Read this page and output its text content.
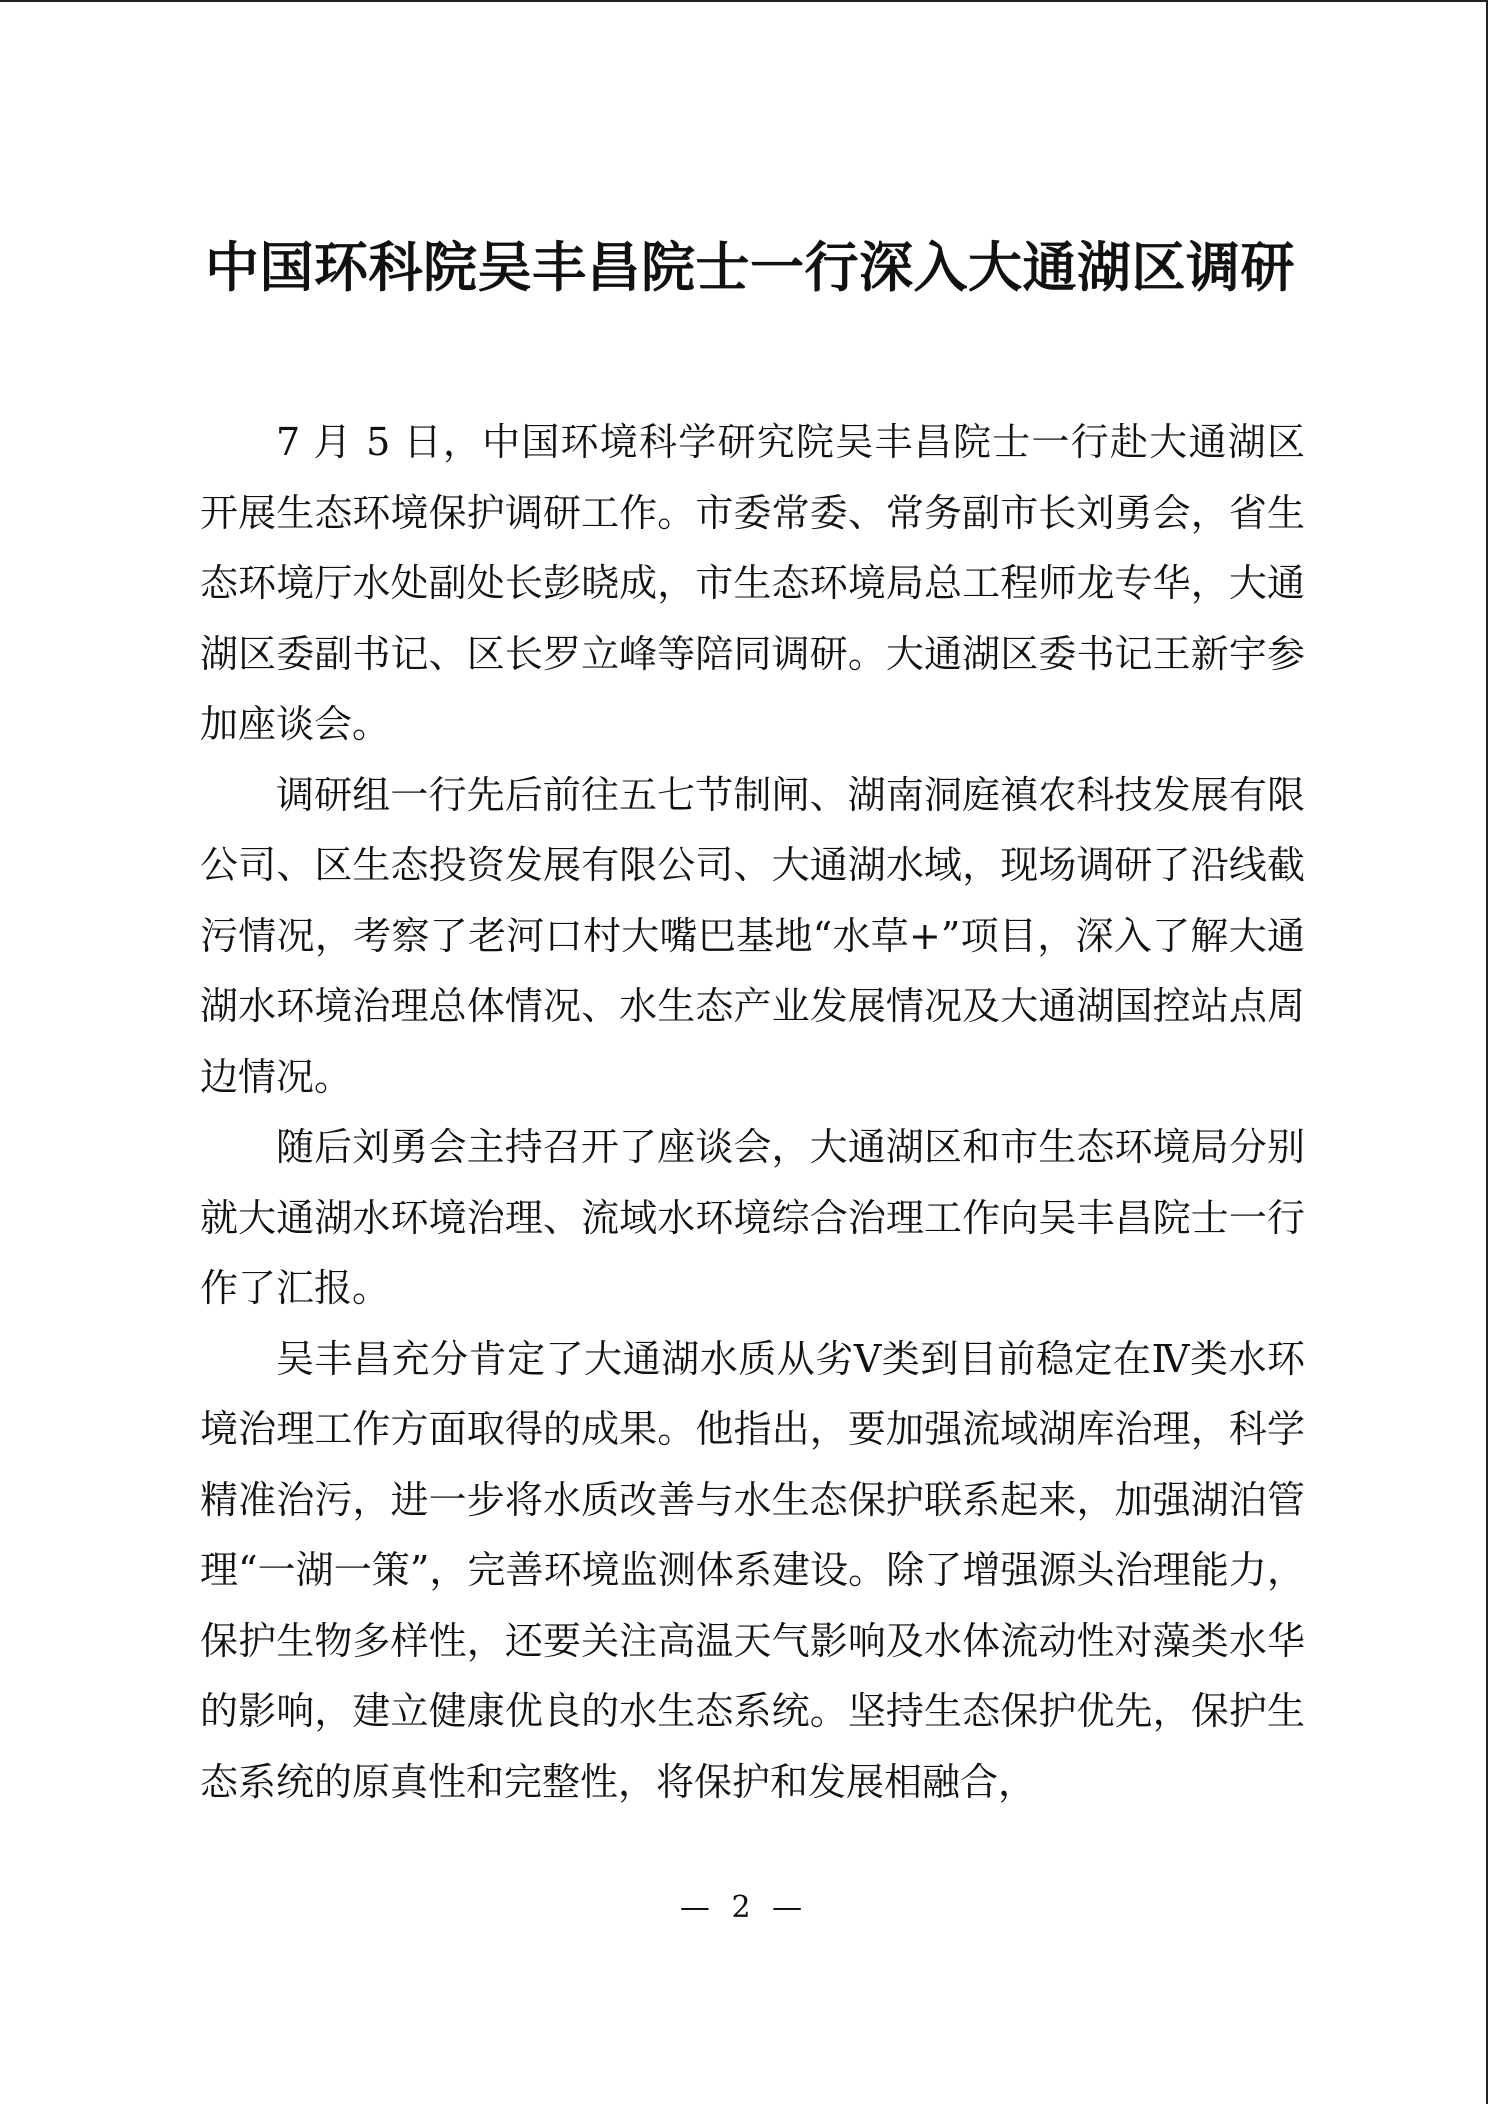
中国环科院吴丰昌院士一行深入大通湖区调研

7 月 5 日，中国环境科学研究院吴丰昌院士一行赴大通湖区开展生态环境保护调研工作。市委常委、常务副市长刘勇会，省生态环境厅水处副处长彭晓成，市生态环境局总工程师龙专华，大通湖区委副书记、区长罗立峰等陪同调研。大通湖区委书记王新宇参加座谈会。

调研组一行先后前往五七节制闸、湖南洞庭禛农科技发展有限公司、区生态投资发展有限公司、大通湖水域，现场调研了沿线截污情况，考察了老河口村大嘴巴基地“水草+”项目，深入了解大通湖水环境治理总体情况、水生态产业发展情况及大通湖国控站点周边情况。

随后刘勇会主持召开了座谈会，大通湖区和市生态环境局分别就大通湖水环境治理、流域水环境综合治理工作向吴丰昌院士一行作了汇报。

吴丰昌充分肯定了大通湖水质从劣Ⅴ类到目前稳定在Ⅳ类水环境治理工作方面取得的成果。他指出，要加强流域湖库治理，科学精准治污，进一步将水质改善与水生态保护联系起来，加强湖泊管理“一湖一策”，完善环境监测体系建设。除了增强源头治理能力，保护生物多样性，还要关注高温天气影响及水体流动性对藻类水华的影响，建立健康优良的水生态系统。坚持生态保护优先，保护生态系统的原真性和完整性，将保护和发展相融合，

— 2 —
